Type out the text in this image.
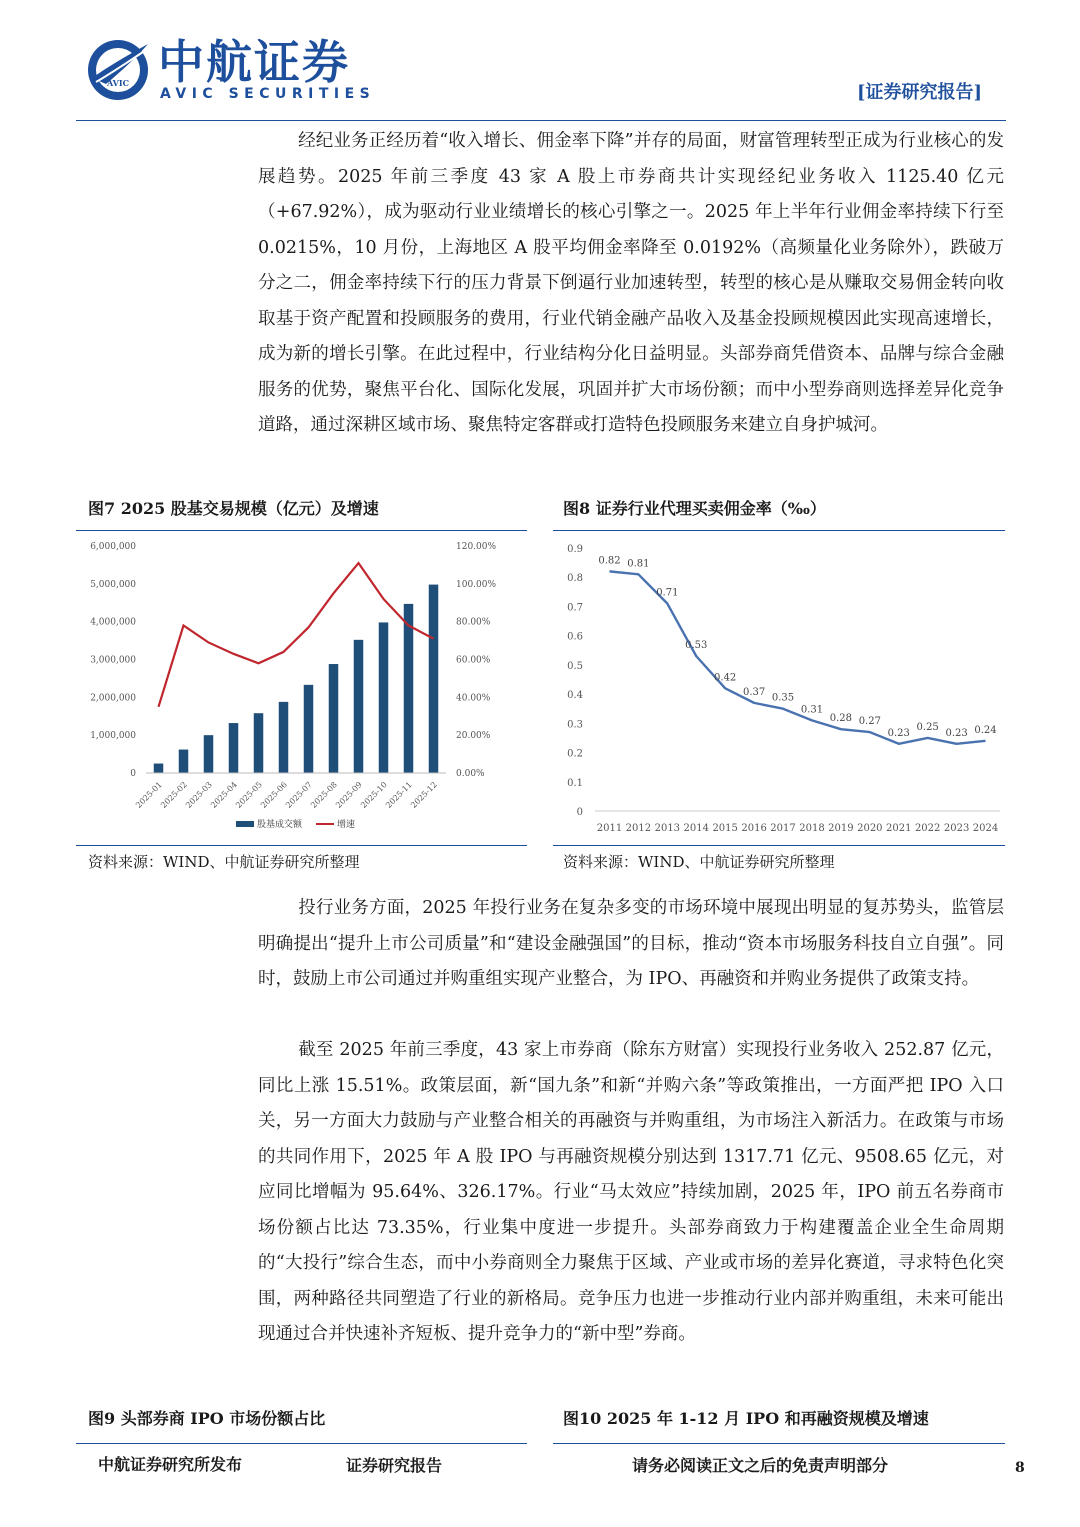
AVIC 中航证券
AVIC SECURITIES	[证券研究报告]

经纪业务正经历着“收入增长、佣金率下降”并存的局面，财富管理转型正成为行业核心的发展趋势。2025 年前三季度 43 家 A 股上市券商共计实现经纪业务收入 1125.40 亿元（+67.92%），成为驱动行业业绩增长的核心引擎之一。2025 年上半年行业佣金率持续下行至 0.0215%，10 月份，上海地区 A 股平均佣金率降至 0.0192%（高频量化业务除外），跌破万分之二，佣金率持续下行的压力背景下倒逼行业加速转型，转型的核心是从赚取交易佣金转向收取基于资产配置和投顾服务的费用，行业代销金融产品收入及基金投顾规模因此实现高速增长，成为新的增长引擎。在此过程中，行业结构分化日益明显。头部券商凭借资本、品牌与综合金融服务的优势，聚焦平台化、国际化发展，巩固并扩大市场份额；而中小型券商则选择差异化竞争道路，通过深耕区域市场、聚焦特定客群或打造特色投顾服务来建立自身护城河。

图7 2025 股基交易规模（亿元）及增速	图8 证券行业代理买卖佣金率（‰）
0
1,000,000
2,000,000
3,000,000
4,000,000
5,000,000
6,000,000
0.00%
20.00%
40.00%
60.00%
80.00%
100.00%
120.00%
2025-01
2025-02
2025-03
2025-04
2025-05
2025-06
2025-07
2025-08
2025-09
2025-10
2025-11
2025-12
股基成交额	增速
0
0.1
0.2
0.3
0.4
0.5
0.6
0.7
0.8
0.9
0.82 0.81
0.71
0.53
0.42
0.37
0.35
0.31
0.28 0.27
0.23
0.25
0.23 0.24
2011 2012 2013 2014 2015 2016 2017 2018 2019 2020 2021 2022 2023 2024
资料来源：WIND、中航证券研究所整理	资料来源：WIND、中航证券研究所整理

投行业务方面，2025 年投行业务在复杂多变的市场环境中展现出明显的复苏势头，监管层明确提出“提升上市公司质量”和“建设金融强国”的目标，推动“资本市场服务科技自立自强”。同时，鼓励上市公司通过并购重组实现产业整合，为 IPO、再融资和并购业务提供了政策支持。

截至 2025 年前三季度，43 家上市券商（除东方财富）实现投行业务收入 252.87 亿元，同比上涨 15.51%。政策层面，新“国九条”和新“并购六条”等政策推出，一方面严把 IPO 入口关，另一方面大力鼓励与产业整合相关的再融资与并购重组，为市场注入新活力。在政策与市场的共同作用下，2025 年 A 股 IPO 与再融资规模分别达到 1317.71 亿元、9508.65 亿元，对应同比增幅为 95.64%、326.17%。行业“马太效应”持续加剧，2025 年，IPO 前五名券商市场份额占比达 73.35%，行业集中度进一步提升。头部券商致力于构建覆盖企业全生命周期的“大投行”综合生态，而中小券商则全力聚焦于区域、产业或市场的差异化赛道，寻求特色化突围，两种路径共同塑造了行业的新格局。竞争压力也进一步推动行业内部并购重组，未来可能出现通过合并快速补齐短板、提升竞争力的“新中型”券商。

图9 头部券商 IPO 市场份额占比	图10 2025 年 1-12 月 IPO 和再融资规模及增速
中航证券研究所发布	证券研究报告	请务必阅读正文之后的免责声明部分	8
